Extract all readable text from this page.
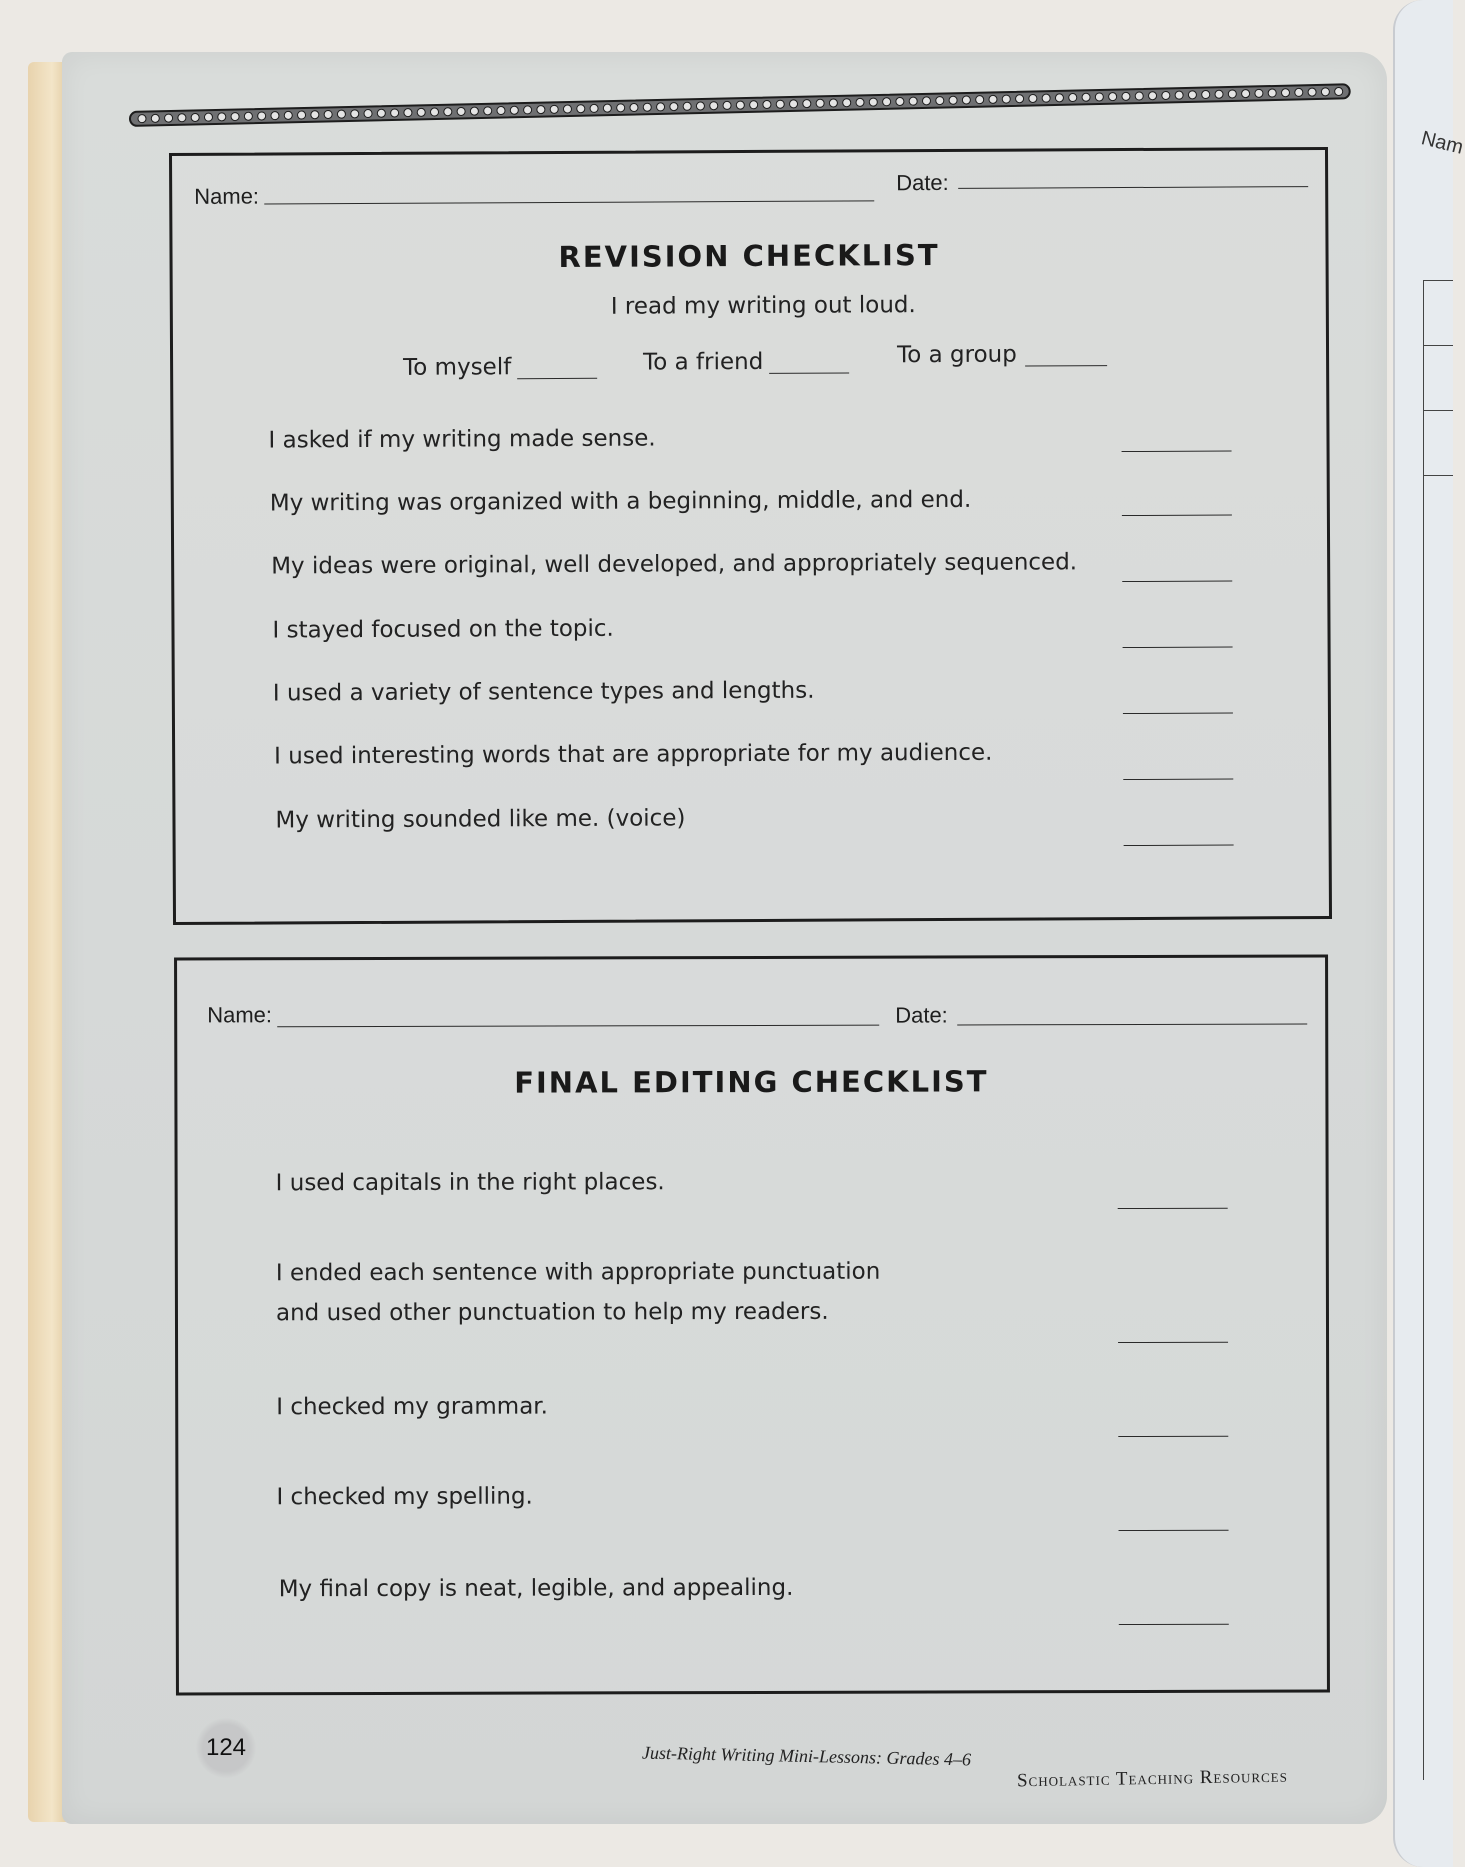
Nam
Name:
Date:
REVISION CHECKLIST
I read my writing out loud.
To myself	To a friend	To a group
I asked if my writing made sense.
My writing was organized with a beginning, middle, and end.
My ideas were original, well developed, and appropriately sequenced.
I stayed focused on the topic.
I used a variety of sentence types and lengths.
I used interesting words that are appropriate for my audience.
My writing sounded like me. (voice)
Name:	Date:
FINAL EDITING CHECKLIST
I used capitals in the right places.
I ended each sentence with appropriate punctuation
and used other punctuation to help my readers.
I checked my grammar.
I checked my spelling.
My final copy is neat, legible, and appealing.
124	Just-Right Writing Mini-Lessons: Grades 4–6
Scholastic Teaching Resources
